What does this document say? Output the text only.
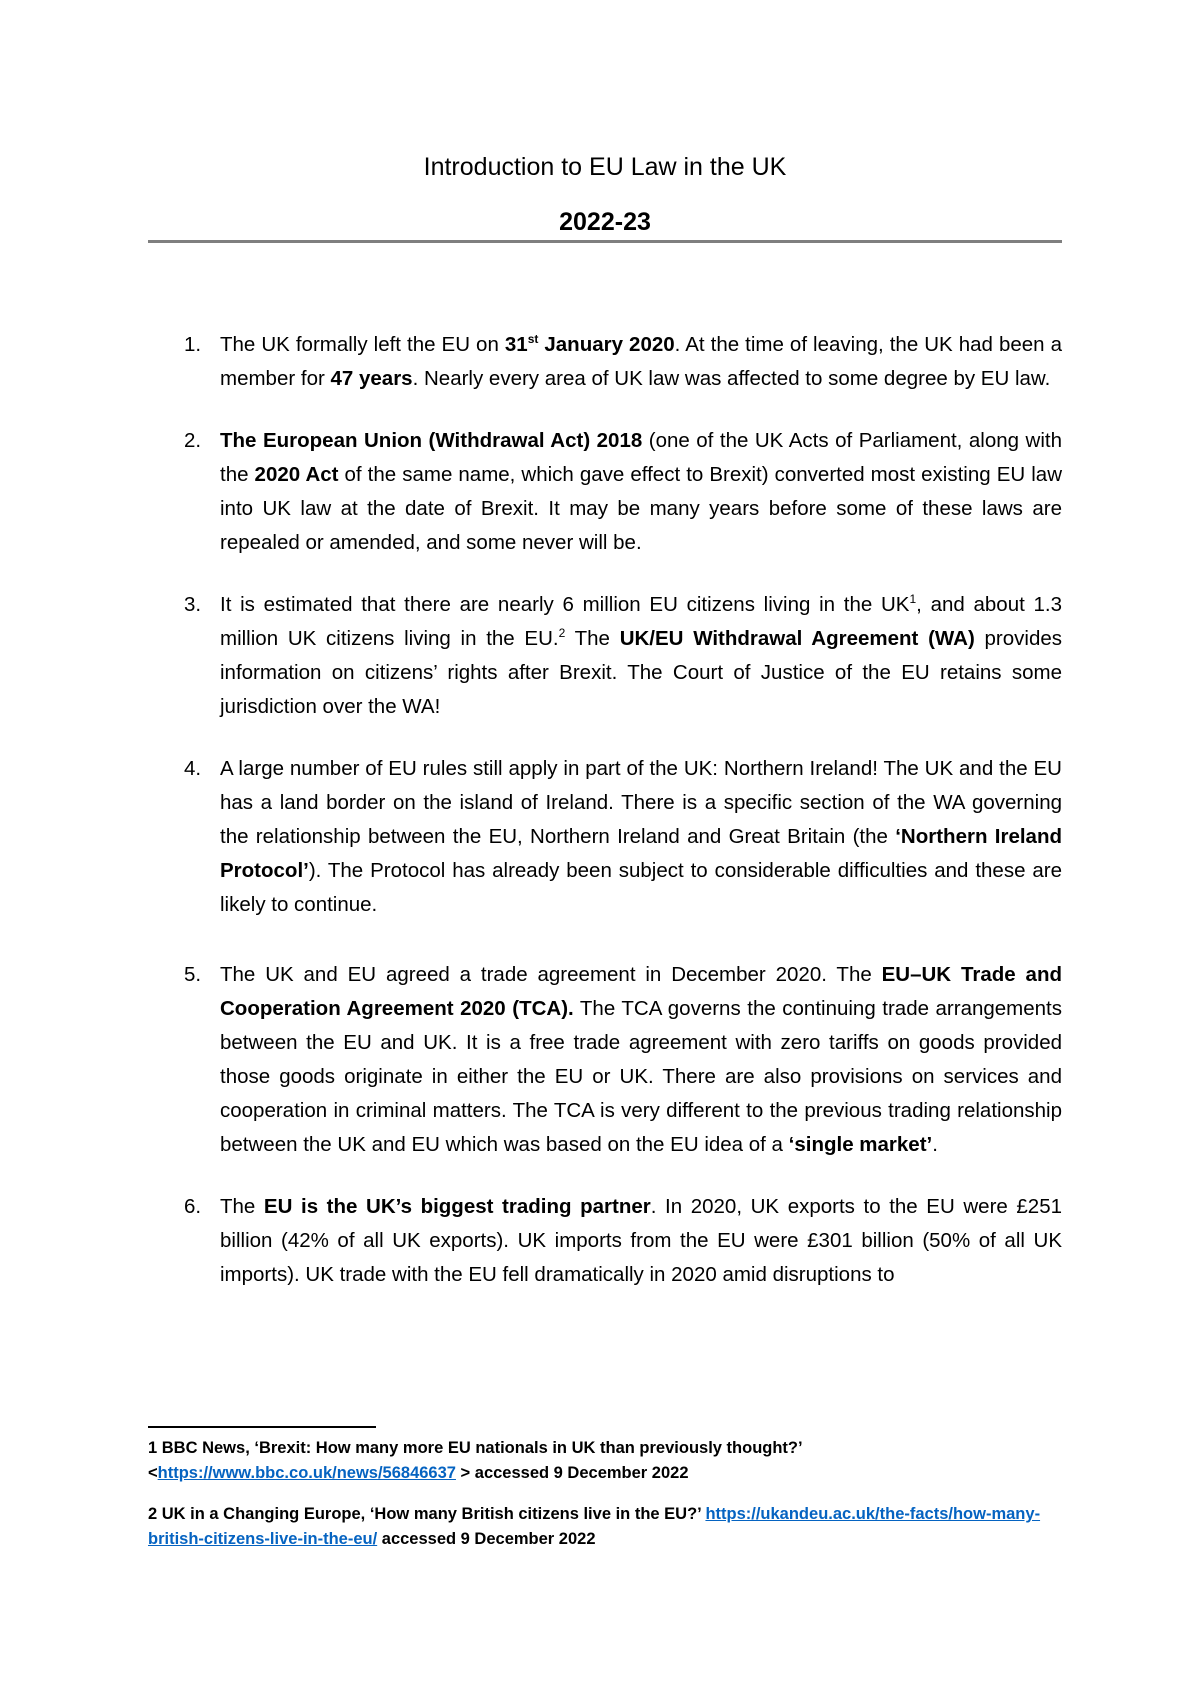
Introduction to EU Law in the UK
2022-23
1. The UK formally left the EU on 31st January 2020. At the time of leaving, the UK had been a member for 47 years. Nearly every area of UK law was affected to some degree by EU law.
2. The European Union (Withdrawal Act) 2018 (one of the UK Acts of Parliament, along with the 2020 Act of the same name, which gave effect to Brexit) converted most existing EU law into UK law at the date of Brexit. It may be many years before some of these laws are repealed or amended, and some never will be.
3. It is estimated that there are nearly 6 million EU citizens living in the $UK^1$, and about 1.3 million UK citizens living in the EU.$^2$ The UK/EU Withdrawal Agreement (WA) provides information on citizens’ rights after Brexit. The Court of Justice of the EU retains some jurisdiction over the WA!
4. A large number of EU rules still apply in part of the UK: Northern Ireland! The UK and the EU has a land border on the island of Ireland. There is a specific section of the WA governing the relationship between the EU, Northern Ireland and Great Britain (the ‘Northern Ireland Protocol’). The Protocol has already been subject to considerable difficulties and these are likely to continue.
5. The UK and EU agreed a trade agreement in December 2020. The EU–UK Trade and Cooperation Agreement 2020 (TCA). The TCA governs the continuing trade arrangements between the EU and UK. It is a free trade agreement with zero tariffs on goods provided those goods originate in either the EU or UK. There are also provisions on services and cooperation in criminal matters. The TCA is very different to the previous trading relationship between the UK and EU which was based on the EU idea of a ‘single market’.
6. The EU is the UK’s biggest trading partner. In 2020, UK exports to the EU were £251 billion (42% of all UK exports). UK imports from the EU were £301 billion (50% of all UK imports). UK trade with the EU fell dramatically in 2020 amid disruptions to

1 BBC News, ‘Brexit: How many more EU nationals in UK than previously thought?’ <https://www.bbc.co.uk/news/56846637 > accessed 9 December 2022

2 UK in a Changing Europe, ‘How many British citizens live in the EU?’ https://ukandeu.ac.uk/the-facts/how-many-british-citizens-live-in-the-eu/ accessed 9 December 2022
